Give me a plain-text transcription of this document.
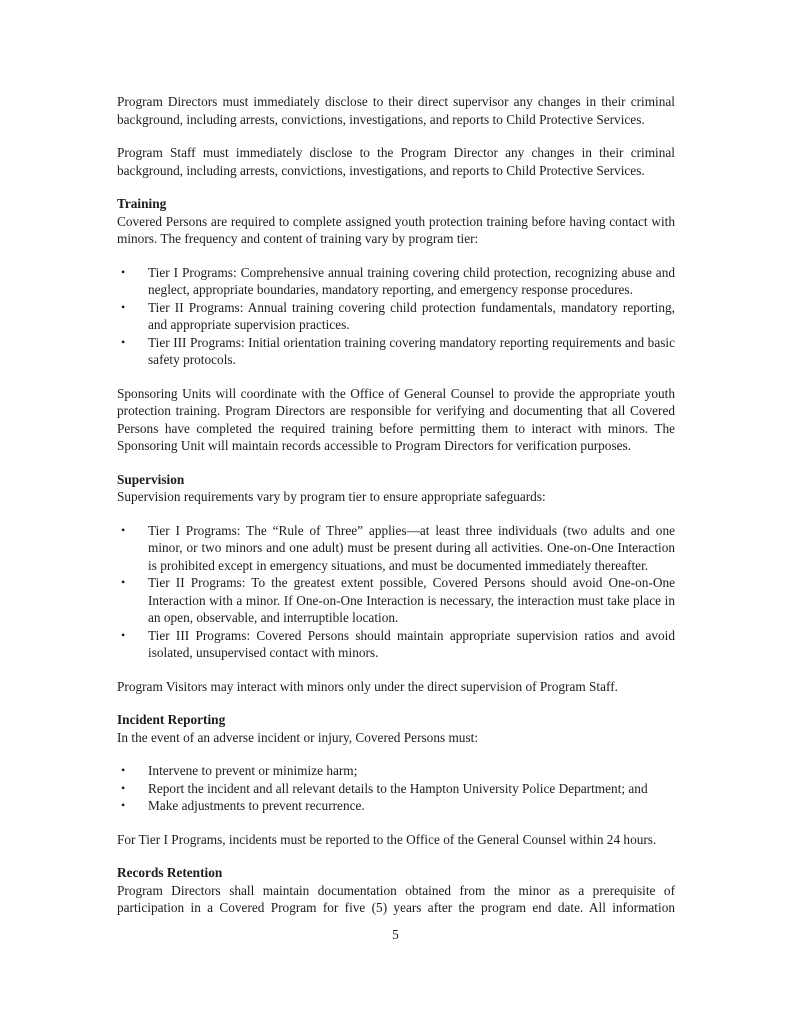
Program Directors must immediately disclose to their direct supervisor any changes in their criminal background, including arrests, convictions, investigations, and reports to Child Protective Services.

Program Staff must immediately disclose to the Program Director any changes in their criminal background, including arrests, convictions, investigations, and reports to Child Protective Services.

Training

Covered Persons are required to complete assigned youth protection training before having contact with minors. The frequency and content of training vary by program tier:

•	Tier I Programs: Comprehensive annual training covering child protection, recognizing abuse and neglect, appropriate boundaries, mandatory reporting, and emergency response procedures.
•	Tier II Programs: Annual training covering child protection fundamentals, mandatory reporting, and appropriate supervision practices.
•	Tier III Programs: Initial orientation training covering mandatory reporting requirements and basic safety protocols.

Sponsoring Units will coordinate with the Office of General Counsel to provide the appropriate youth protection training. Program Directors are responsible for verifying and documenting that all Covered Persons have completed the required training before permitting them to interact with minors. The Sponsoring Unit will maintain records accessible to Program Directors for verification purposes.

Supervision

Supervision requirements vary by program tier to ensure appropriate safeguards:

•	Tier I Programs: The “Rule of Three” applies—at least three individuals (two adults and one minor, or two minors and one adult) must be present during all activities. One-on-One Interaction is prohibited except in emergency situations, and must be documented immediately thereafter.
•	Tier II Programs: To the greatest extent possible, Covered Persons should avoid One-on-One Interaction with a minor. If One-on-One Interaction is necessary, the interaction must take place in an open, observable, and interruptible location.
•	Tier III Programs: Covered Persons should maintain appropriate supervision ratios and avoid isolated, unsupervised contact with minors.

Program Visitors may interact with minors only under the direct supervision of Program Staff.

Incident Reporting

In the event of an adverse incident or injury, Covered Persons must:

•	Intervene to prevent or minimize harm;
•	Report the incident and all relevant details to the Hampton University Police Department; and
•	Make adjustments to prevent recurrence.

For Tier I Programs, incidents must be reported to the Office of the General Counsel within 24 hours.

Records Retention

Program Directors shall maintain documentation obtained from the minor as a prerequisite of participation in a Covered Program for five (5) years after the program end date. All information

5
